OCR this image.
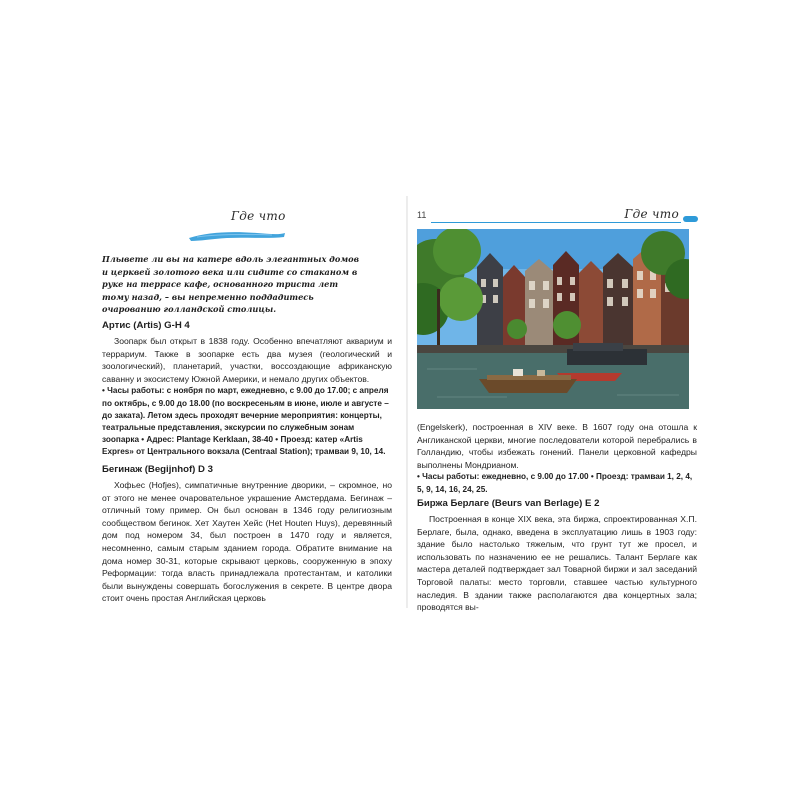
Где что

Плывете ли вы на катере вдоль элегантных домов и церквей золотого века или сидите со стаканом в руке на террасе кафе, основанного триста лет тому назад, – вы непременно поддадитесь очарованию голландской столицы.

Артис (Artis) G-H 4

Зоопарк был открыт в 1838 году. Особенно впечатляют аквариум и террариум. Также в зоопарке есть два музея (геологический и зоологический), планетарий, участки, воссоздающие африканскую саванну и экосистему Южной Америки, и немало других объектов.

• Часы работы: с ноября по март, ежедневно, с 9.00 до 17.00; с апреля по октябрь, с 9.00 до 18.00 (по воскресеньям в июне, июле и августе – до заката). Летом здесь проходят вечерние мероприятия: концерты, театральные представления, экскурсии по служебным зонам зоопарка • Адрес: Plantage Kerklaan, 38-40 • Проезд: катер «Artis Expres» от Центрального вокзала (Centraal Station); трамваи 9, 10, 14.

Бегинаж (Begijnhof) D 3

Хофьес (Hofjes), симпатичные внутренние дворики, – скромное, но от этого не менее очаровательное украшение Амстердама. Бегинаж – отличный тому пример. Он был основан в 1346 году религиозным сообществом бегинок. Хет Хаутен Хейс (Het Houten Huys), деревянный дом под номером 34, был построен в 1470 году и является, несомненно, самым старым зданием города. Обратите внимание на дома номер 30-31, которые скрывают церковь, сооруженную в эпоху Реформации: тогда власть принадлежала протестантам, и католики были вынуждены совершать богослужения в секрете. В центре двора стоит очень простая Английская церковь

11	Где что

(Engelskerk), построенная в XIV веке. В 1607 году она отошла к Англиканской церкви, многие последователи которой перебрались в Голландию, чтобы избежать гонений. Панели церковной кафедры выполнены Мондрианом.

• Часы работы: ежедневно, с 9.00 до 17.00 • Проезд: трамваи 1, 2, 4, 5, 9, 14, 16, 24, 25.

Биржа Берлаге (Beurs van Berlage) E 2

Построенная в конце XIX века, эта биржа, спроектированная Х.П. Берлаге, была, однако, введена в эксплуатацию лишь в 1903 году: здание было настолько тяжелым, что грунт тут же просел, и использовать по назначению ее не решались. Талант Берлаге как мастера деталей подтверждает зал Товарной биржи и зал заседаний Торговой палаты: место торговли, ставшее частью культурного наследия. В здании также располагаются два концертных зала; проводятся вы-
